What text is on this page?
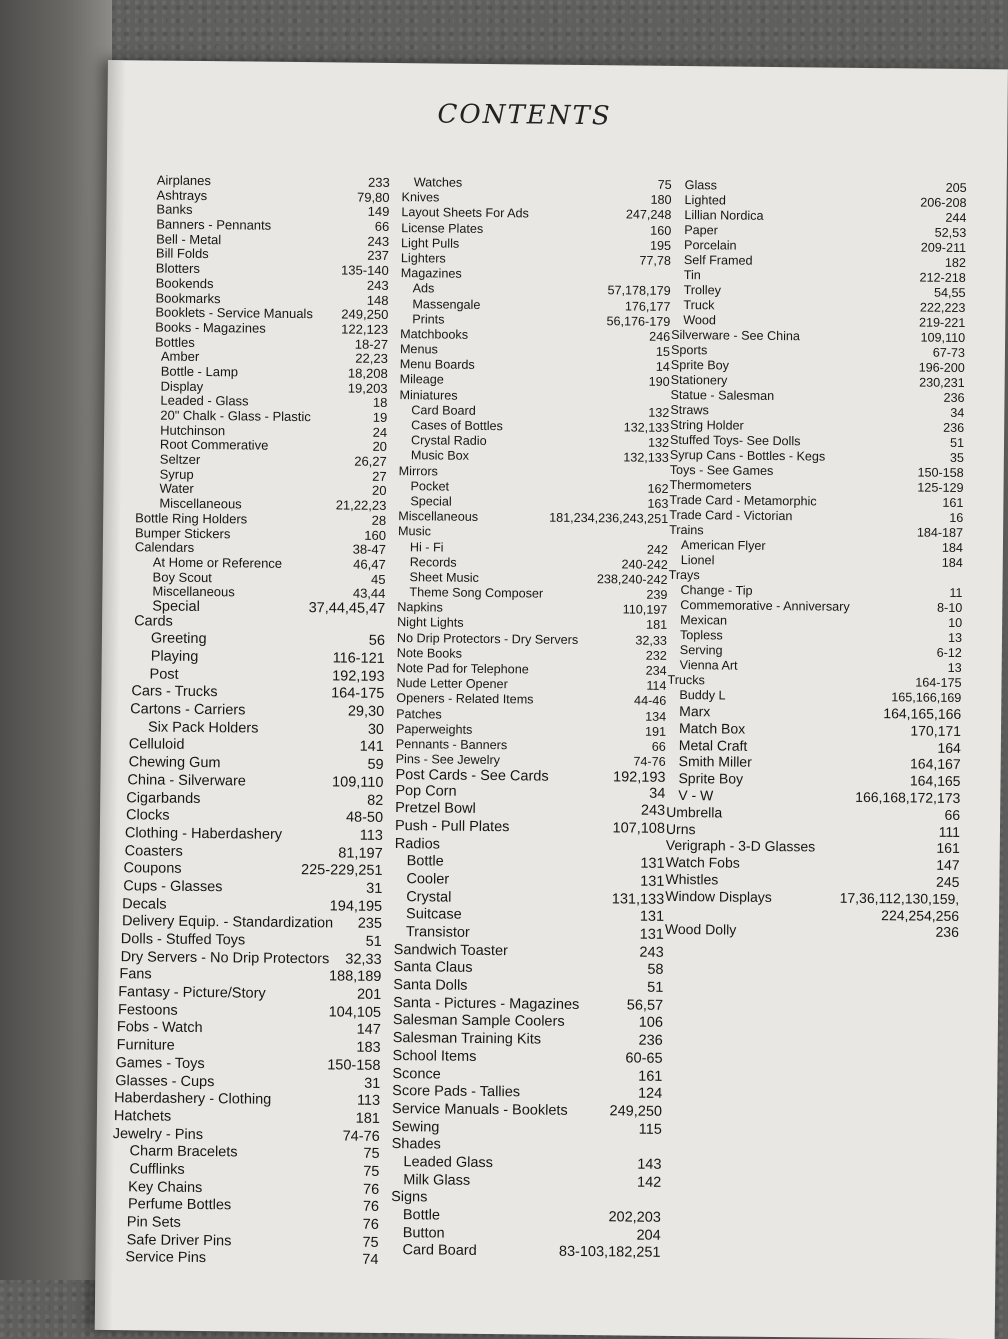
CONTENTS
Airplanes	233
Ashtrays	79,80
Banks	149
Banners - Pennants	66
Bell - Metal	243
Bill Folds	237
Blotters	135-140
Bookends	243
Bookmarks	148
Booklets - Service Manuals 249,250
Books - Magazines	122,123
Bottles	18-27
Amber	22,23
Bottle - Lamp	18,208
Display	19,203
Leaded - Glass	18
20" Chalk - Glass - Plastic	19
Hutchinson	24
Root Commerative	20
Seltzer	26,27
Syrup	27
Water	20
Miscellaneous	21,22,23
Bottle Ring Holders	28
Bumper Stickers	160
Calendars	38-47
At Home or Reference	46,47
Boy Scout	45
Miscellaneous	43,44
Special	37,44,45,47
Cards
Greeting	56
Playing	116-121
Post	192,193
Cars - Trucks	164-175
Cartons - Carriers	29,30
Six Pack Holders	30
Celluloid	141
Chewing Gum	59
China - Silverware	109,110
Cigarbands	82
Clocks	48-50
Clothing - Haberdashery	113
Coasters	81,197
Coupons	225-229,251
Cups - Glasses	31
Decals	194,195
Delivery Equip. - Standardization 235
Dolls - Stuffed Toys	51
Dry Servers - No Drip Protectors 32,33
Fans	188,189
Fantasy - Picture/Story	201
Festoons	104,105
Fobs - Watch	147
Furniture	183
Games - Toys	150-158
Glasses - Cups	31
Haberdashery - Clothing	113
Hatchets	181
Jewelry - Pins	74-76
Charm Bracelets	75
Cufflinks	75
Key Chains	76
Perfume Bottles	76
Pin Sets	76
Safe Driver Pins	75
Service Pins	74
Watches	75
Knives	180
Layout Sheets For Ads	247,248
License Plates	160
Light Pulls	195
Lighters	77,78
Magazines
Ads	57,178,179
Massengale	176,177
Prints	56,176-179
Matchbooks	246
Menus	15
Menu Boards	14
Mileage	190
Miniatures
Card Board	132
Cases of Bottles	132,133
Crystal Radio	132
Music Box	132,133
Mirrors
Pocket	162
Special	163
Miscellaneous	181,234,236,243,251
Music
Hi - Fi	242
Records	240-242
Sheet Music	238,240-242
Theme Song Composer	239
Napkins	110,197
Night Lights	181
No Drip Protectors - Dry Servers	32,33
Note Books	232
Note Pad for Telephone	234
Nude Letter Opener	114
Openers - Related Items	44-46
Patches	134
Paperweights	191
Pennants - Banners	66
Pins - See Jewelry	74-76
Post Cards - See Cards	192,193
Pop Corn	34
Pretzel Bowl	243
Push - Pull Plates	107,108
Radios
Bottle	131
Cooler	131
Crystal	131,133
Suitcase	131
Transistor	131
Sandwich Toaster	243
Santa Claus	58
Santa Dolls	51
Santa - Pictures - Magazines	56,57
Salesman Sample Coolers	106
Salesman Training Kits	236
School Items	60-65
Sconce	161
Score Pads - Tallies	124
Service Manuals - Booklets	249,250
Sewing	115
Shades
Leaded Glass	143
Milk Glass	142
Signs
Bottle	202,203
Button	204
Card Board	83-103,182,251
Glass	205
Lighted	206-208
Lillian Nordica	244
Paper	52,53
Porcelain	209-211
Self Framed	182
Tin	212-218
Trolley	54,55
Truck	222,223
Wood	219-221
Silverware - See China	109,110
Sports	67-73
Sprite Boy	196-200
Stationery	230,231
Statue - Salesman	236
Straws	34
String Holder	236
Stuffed Toys- See Dolls	51
Syrup Cans - Bottles - Kegs	35
Toys - See Games	150-158
Thermometers	125-129
Trade Card - Metamorphic	161
Trade Card - Victorian	16
Trains	184-187
American Flyer	184
Lionel	184
Trays
Change - Tip	11
Commemorative - Anniversary	8-10
Mexican	10
Topless	13
Serving	6-12
Vienna Art	13
Trucks	164-175
Buddy L	165,166,169
Marx	164,165,166
Match Box	170,171
Metal Craft	164
Smith Miller	164,167
Sprite Boy	164,165
V - W	166,168,172,173
Umbrella	66
Urns	111
Verigraph - 3-D Glasses	161
Watch Fobs	147
Whistles	245
Window Displays	17,36,112,130,159,
224,254,256
Wood Dolly	236
